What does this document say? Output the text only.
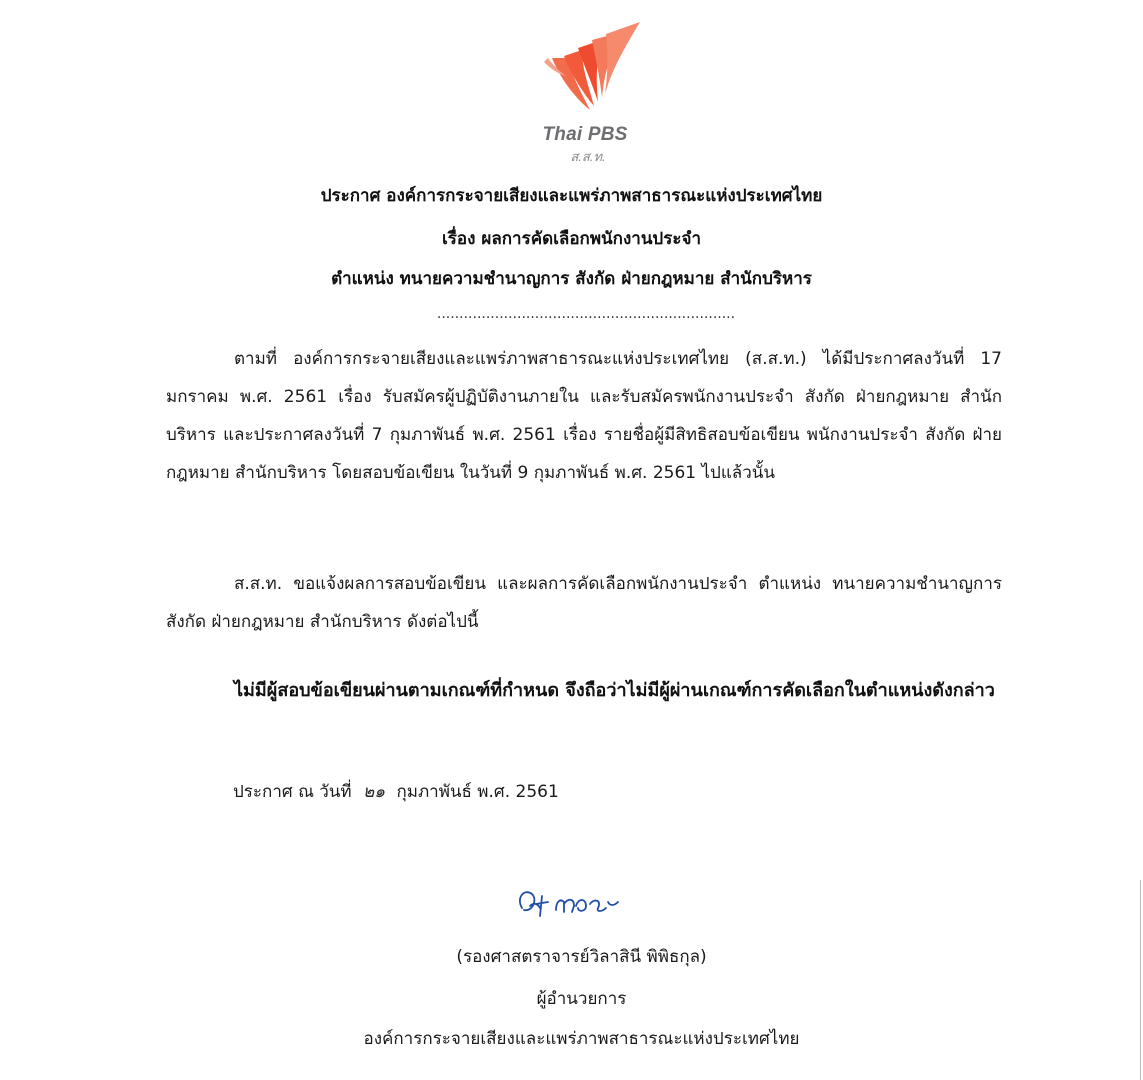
Thai PBS
ส.ส.ท.
ประกาศ องค์การกระจายเสียงและแพร่ภาพสาธารณะแห่งประเทศไทย
เรื่อง ผลการคัดเลือกพนักงานประจำ
ตำแหน่ง ทนายความชำนาญการ สังกัด ฝ่ายกฎหมาย สำนักบริหาร
...................................................................
ตามที่ องค์การกระจายเสียงและแพร่ภาพสาธารณะแห่งประเทศไทย (ส.ส.ท.) ได้มีประกาศลงวันที่ 17 มกราคม พ.ศ. 2561 เรื่อง รับสมัครผู้ปฏิบัติงานภายใน และรับสมัครพนักงานประจำ สังกัด ฝ่ายกฎหมาย สำนักบริหาร และประกาศลงวันที่ 7 กุมภาพันธ์ พ.ศ. 2561 เรื่อง รายชื่อผู้มีสิทธิสอบข้อเขียน พนักงานประจำ สังกัด ฝ่ายกฎหมาย สำนักบริหาร โดยสอบข้อเขียน ในวันที่ 9 กุมภาพันธ์ พ.ศ. 2561 ไปแล้วนั้น
ส.ส.ท. ขอแจ้งผลการสอบข้อเขียน และผลการคัดเลือกพนักงานประจำ ตำแหน่ง ทนายความชำนาญการ สังกัด ฝ่ายกฎหมาย สำนักบริหาร ดังต่อไปนี้
ไม่มีผู้สอบข้อเขียนผ่านตามเกณฑ์ที่กำหนด จึงถือว่าไม่มีผู้ผ่านเกณฑ์การคัดเลือกในตำแหน่งดังกล่าว
ประกาศ ณ วันที่ ๒๑ กุมภาพันธ์ พ.ศ. 2561
(รองศาสตราจารย์วิลาสินี พิพิธกุล)
ผู้อำนวยการ
องค์การกระจายเสียงและแพร่ภาพสาธารณะแห่งประเทศไทย
